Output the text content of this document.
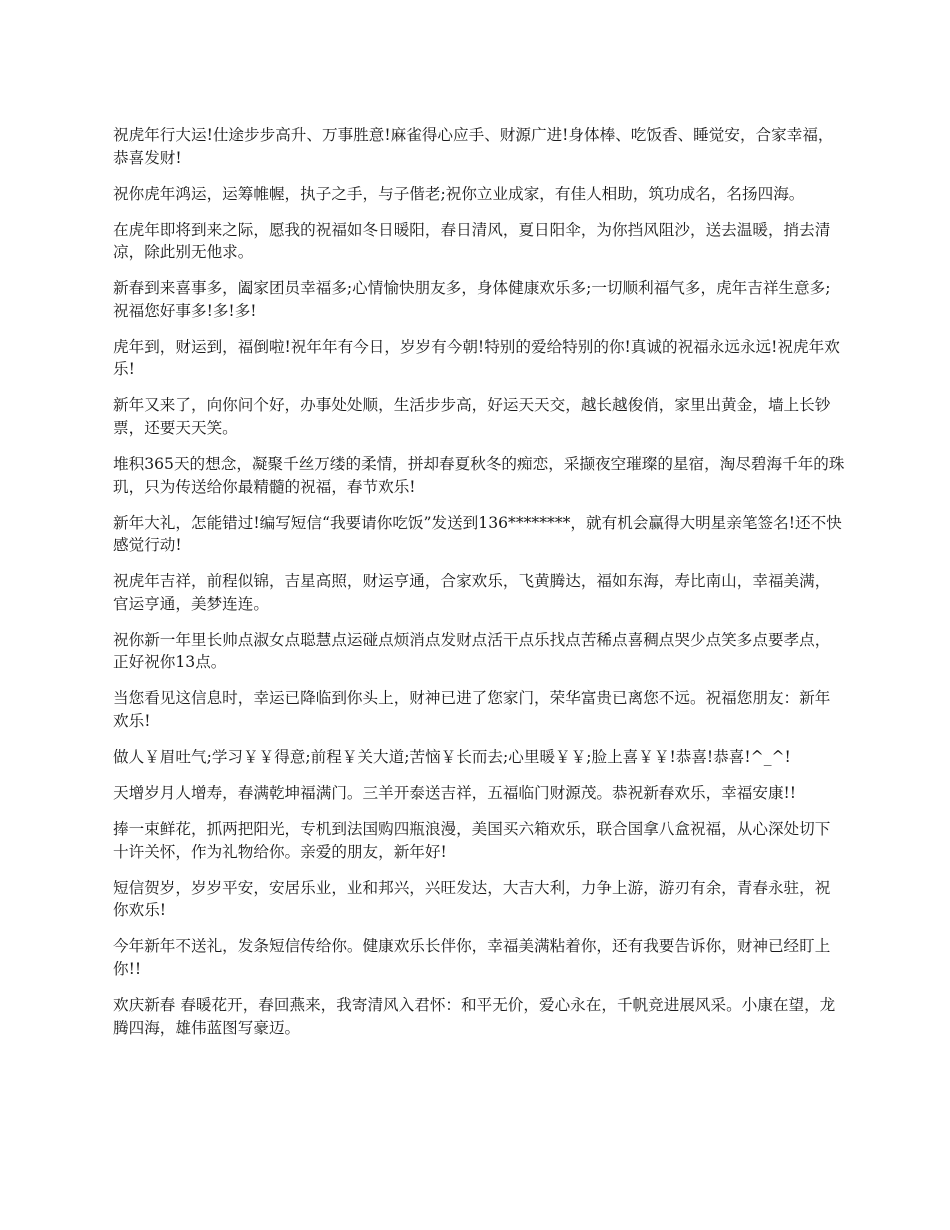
祝虎年行大运!仕途步步高升、万事胜意!麻雀得心应手、财源广进!身体棒、吃饭香、睡觉安，合家幸福，恭喜发财!

祝你虎年鸿运，运筹帷幄，执子之手，与子偕老;祝你立业成家，有佳人相助，筑功成名，名扬四海。

在虎年即将到来之际，愿我的祝福如冬日暖阳，春日清风，夏日阳伞，为你挡风阻沙，送去温暖，捎去清凉，除此别无他求。

新春到来喜事多，阖家团员幸福多;心情愉快朋友多，身体健康欢乐多;一切顺利福气多，虎年吉祥生意多;祝福您好事多!多!多!

虎年到，财运到，福倒啦!祝年年有今日，岁岁有今朝!特别的爱给特别的你!真诚的祝福永远永远!祝虎年欢乐!

新年又来了，向你问个好，办事处处顺，生活步步高，好运天天交，越长越俊俏，家里出黄金，墙上长钞票，还要天天笑。

堆积365天的想念，凝聚千丝万缕的柔情，拼却春夏秋冬的痴恋，采撷夜空璀璨的星宿，淘尽碧海千年的珠玑，只为传送给你最精髓的祝福，春节欢乐!

新年大礼，怎能错过!编写短信“我要请你吃饭”发送到136********，就有机会赢得大明星亲笔签名!还不快感觉行动!

祝虎年吉祥，前程似锦，吉星高照，财运亨通，合家欢乐，飞黄腾达，福如东海，寿比南山，幸福美满，官运亨通，美梦连连。

祝你新一年里长帅点淑女点聪慧点运碰点烦消点发财点活干点乐找点苦稀点喜稠点哭少点笑多点要孝点，正好祝你13点。

当您看见这信息时，幸运已降临到你头上，财神已进了您家门，荣华富贵已离您不远。祝福您朋友：新年欢乐!

做人￥眉吐气;学习￥￥得意;前程￥关大道;苦恼￥长而去;心里暖￥￥;脸上喜￥￥!恭喜!恭喜!^_^!

天增岁月人增寿，春满乾坤福满门。三羊开泰送吉祥，五福临门财源茂。恭祝新春欢乐，幸福安康!!

捧一束鲜花，抓两把阳光，专机到法国购四瓶浪漫，美国买六箱欢乐，联合国拿八盒祝福，从心深处切下十许关怀，作为礼物给你。亲爱的朋友，新年好!

短信贺岁，岁岁平安，安居乐业，业和邦兴，兴旺发达，大吉大利，力争上游，游刃有余，青春永驻，祝你欢乐!

今年新年不送礼，发条短信传给你。健康欢乐长伴你，幸福美满粘着你，还有我要告诉你，财神已经盯上你!!

欢庆新春 春暖花开，春回燕来，我寄清风入君怀：和平无价，爱心永在，千帆竞进展风采。小康在望，龙腾四海，雄伟蓝图写豪迈。
